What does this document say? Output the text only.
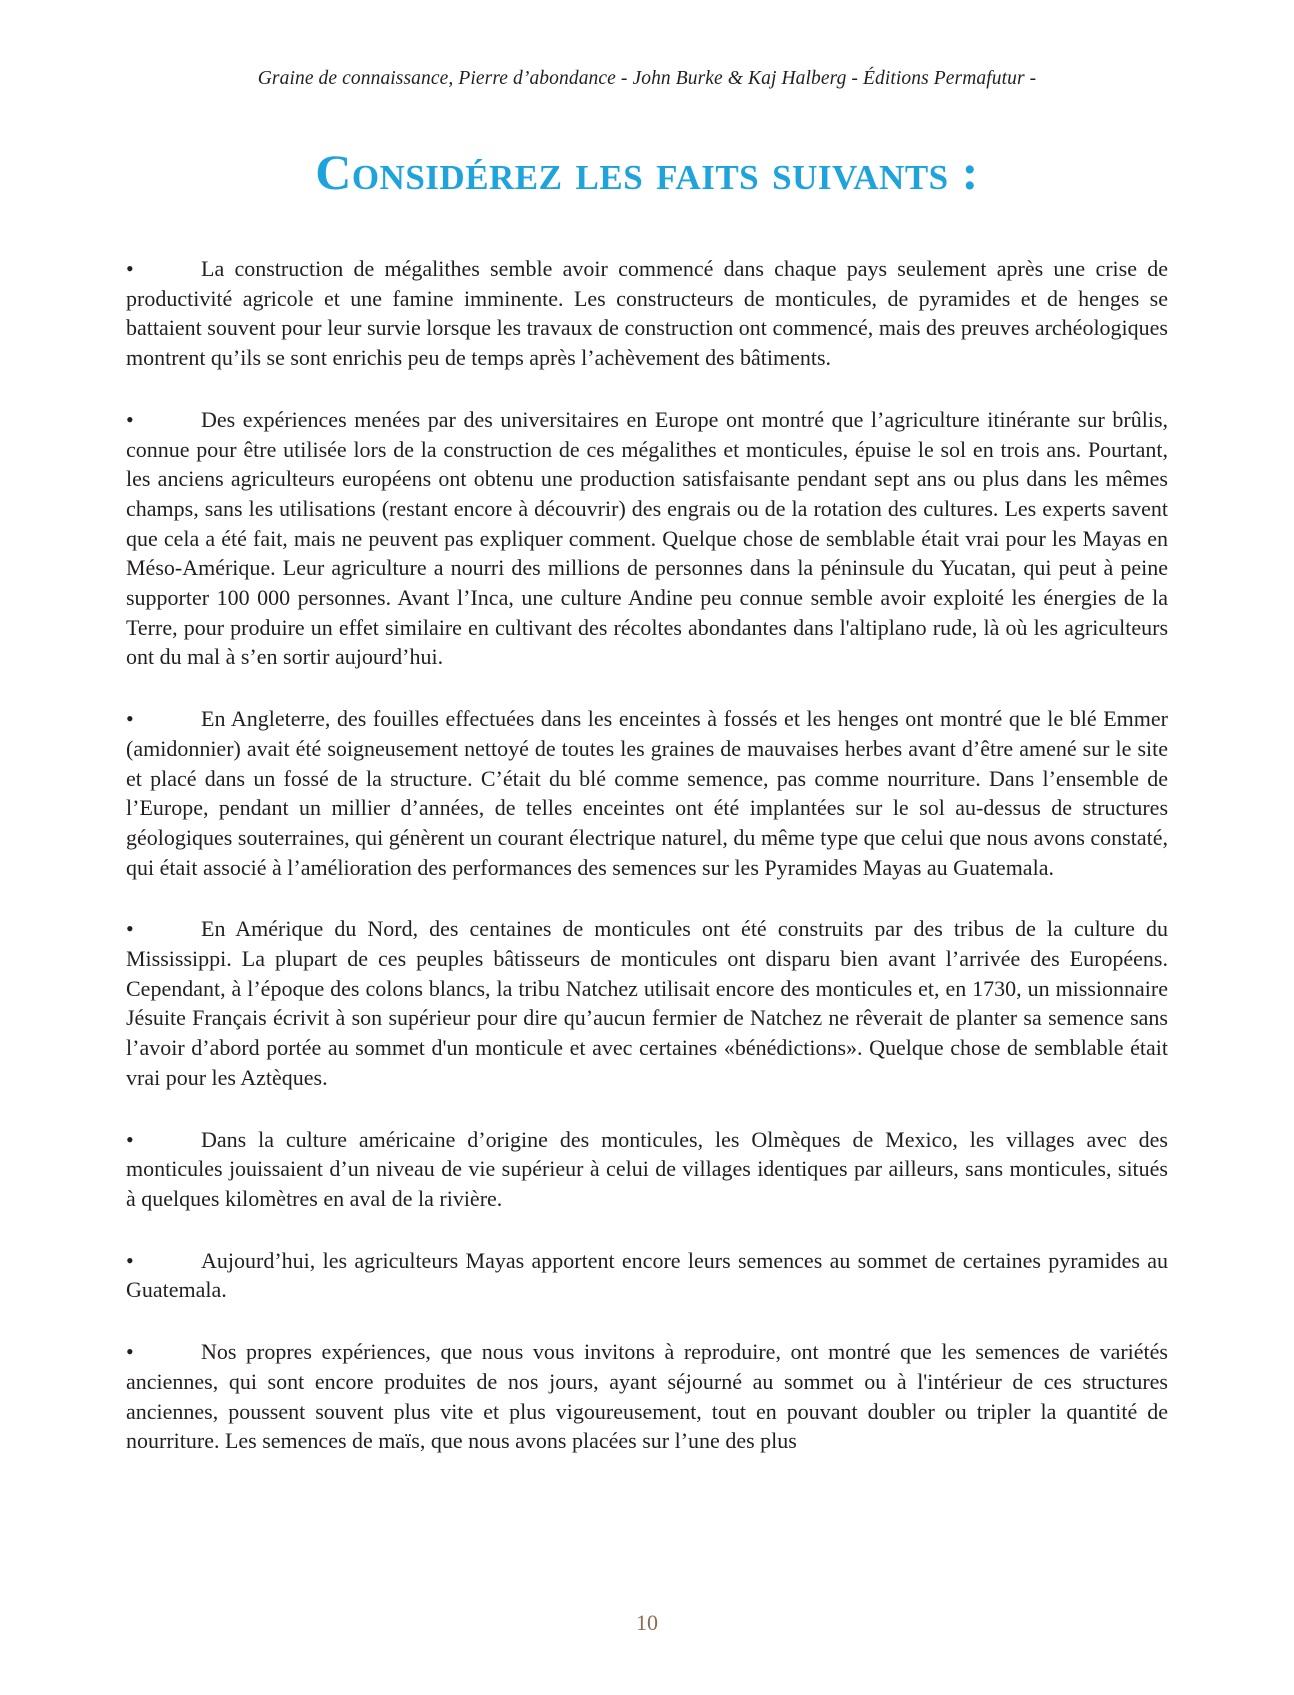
Graine de connaissance, Pierre d’abondance - John Burke & Kaj Halberg - Éditions Permafutur -
Considérez les faits suivants :

•	La construction de mégalithes semble avoir commencé dans chaque pays seulement après une crise de productivité agricole et une famine imminente. Les constructeurs de monticules, de pyramides et de henges se battaient souvent pour leur survie lorsque les travaux de construction ont commencé, mais des preuves archéologiques montrent qu’ils se sont enrichis peu de temps après l’achèvement des bâtiments.

•	Des expériences menées par des universitaires en Europe ont montré que l’agriculture itinérante sur brûlis, connue pour être utilisée lors de la construction de ces mégalithes et monticules, épuise le sol en trois ans. Pourtant, les anciens agriculteurs européens ont obtenu une production satisfaisante pendant sept ans ou plus dans les mêmes champs, sans les utilisations (restant encore à découvrir) des engrais ou de la rotation des cultures. Les experts savent que cela a été fait, mais ne peuvent pas expliquer comment. Quelque chose de semblable était vrai pour les Mayas en Méso-Amérique. Leur agriculture a nourri des millions de personnes dans la péninsule du Yucatan, qui peut à peine supporter 100 000 personnes. Avant l’Inca, une culture Andine peu connue semble avoir exploité les énergies de la Terre, pour produire un effet similaire en cultivant des récoltes abondantes dans l'altiplano rude, là où les agriculteurs ont du mal à s’en sortir aujourd’hui.

•	En Angleterre, des fouilles effectuées dans les enceintes à fossés et les henges ont montré que le blé Emmer (amidonnier) avait été soigneusement nettoyé de toutes les graines de mauvaises herbes avant d’être amené sur le site et placé dans un fossé de la structure. C’était du blé comme semence, pas comme nourriture. Dans l’ensemble de l’Europe, pendant un millier d’années, de telles enceintes ont été implantées sur le sol au-dessus de structures géologiques souterraines, qui génèrent un courant électrique naturel, du même type que celui que nous avons constaté, qui était associé à l’amélioration des performances des semences sur les Pyramides Mayas au Guatemala.

•	En Amérique du Nord, des centaines de monticules ont été construits par des tribus de la culture du Mississippi. La plupart de ces peuples bâtisseurs de monticules ont disparu bien avant l’arrivée des Européens. Cependant, à l’époque des colons blancs, la tribu Natchez utilisait encore des monticules et, en 1730, un missionnaire Jésuite Français écrivit à son supérieur pour dire qu’aucun fermier de Natchez ne rêverait de planter sa semence sans l’avoir d’abord portée au sommet d'un monticule et avec certaines «bénédictions». Quelque chose de semblable était vrai pour les Aztèques.

•	Dans la culture américaine d’origine des monticules, les Olmèques de Mexico, les villages avec des monticules jouissaient d’un niveau de vie supérieur à celui de villages identiques par ailleurs, sans monticules, situés à quelques kilomètres en aval de la rivière.

•	Aujourd’hui, les agriculteurs Mayas apportent encore leurs semences au sommet de certaines pyramides au Guatemala.

•	Nos propres expériences, que nous vous invitons à reproduire, ont montré que les semences de variétés anciennes, qui sont encore produites de nos jours, ayant séjourné au sommet ou à l'intérieur de ces structures anciennes, poussent souvent plus vite et plus vigoureusement, tout en pouvant doubler ou tripler la quantité de nourriture. Les semences de maïs, que nous avons placées sur l’une des plus

10
